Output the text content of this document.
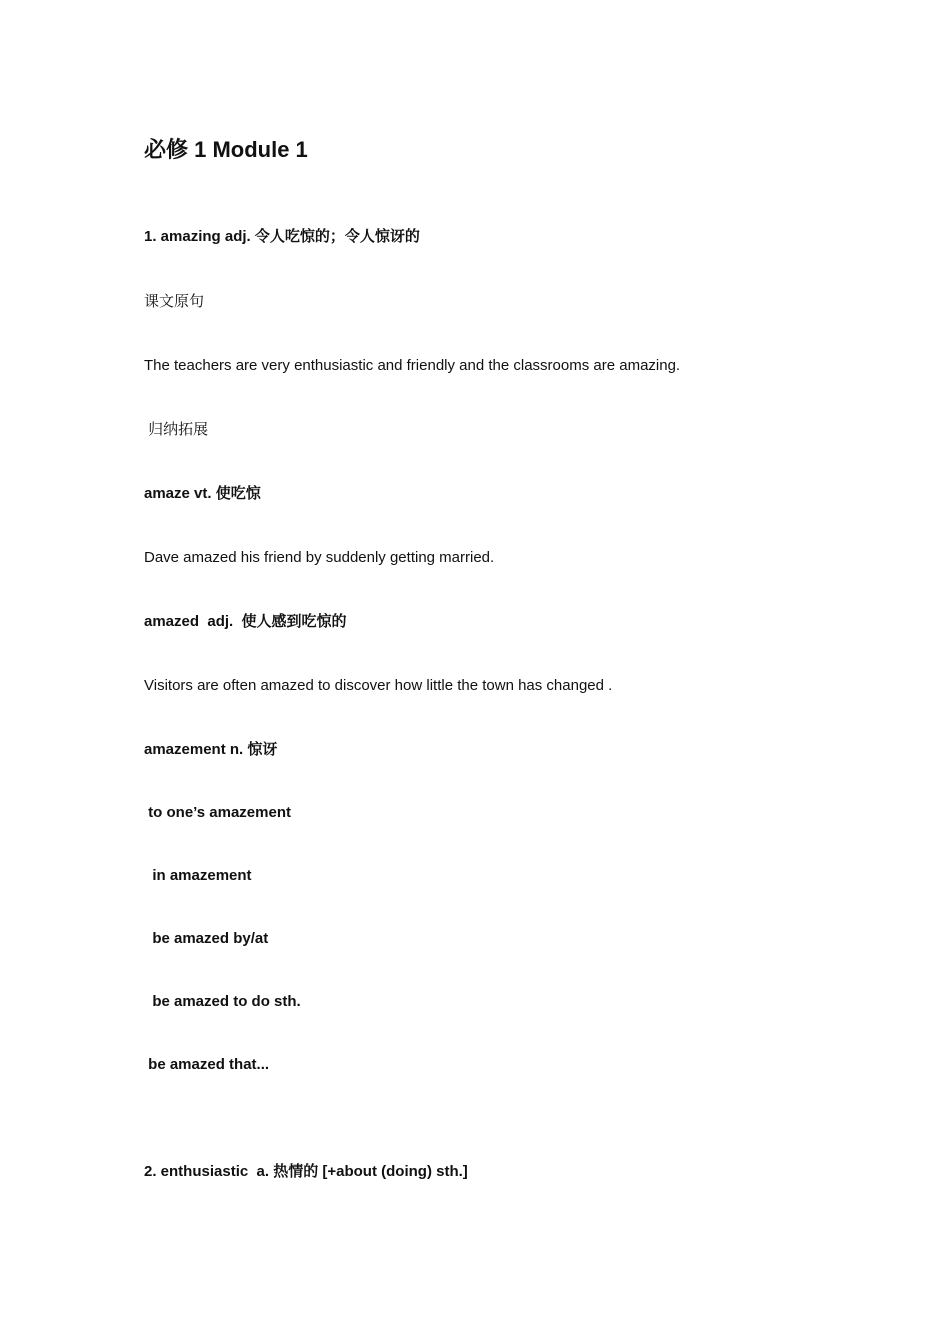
必修 1 Module 1
1. amazing adj. 令人吃惊的；令人惊讶的
课文原句
The teachers are very enthusiastic and friendly and the classrooms are amazing.
归纳拓展
amaze vt. 使吃惊
Dave amazed his friend by suddenly getting married.
amazed  adj.  使人感到吃惊的
Visitors are often amazed to discover how little the town has changed .
amazement n. 惊讶
to one’s amazement
in amazement
be amazed by/at
be amazed to do sth.
be amazed that...
2. enthusiastic  a. 热情的 [+about (doing) sth.]
